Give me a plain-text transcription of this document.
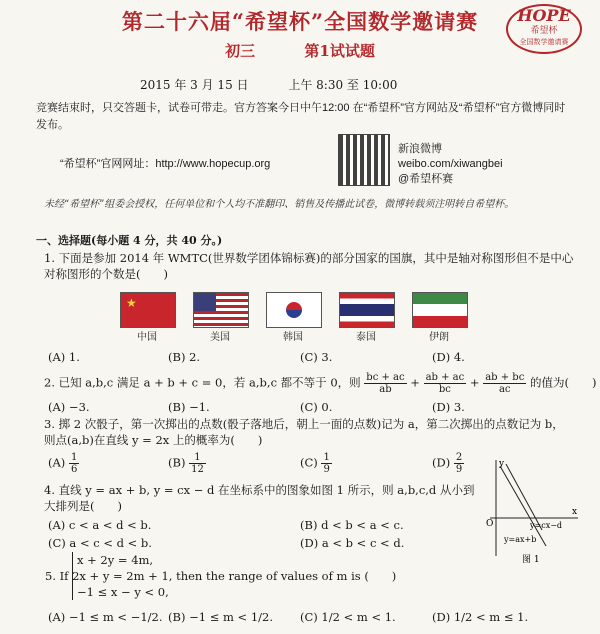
第二十六届“希望杯”全国数学邀请赛
初三	第1试试题
HOPE
希望杯
全国数学邀请赛
2015 年 3 月 15 日	上午 8:30 至 10:00
竞赛结束时，只交答题卡，试卷可带走。官方答案今日中午12:00 在“希望杯”官方网站及“希望杯”官方微博同时发布。
“希望杯”官网网址：http://www.hopecup.org
新浪微博
weibo.com/xiwangbei
@希望杯赛
未经“希望杯”组委会授权，任何单位和个人均不准翻印、销售及传播此试卷，微博转载须注明转自希望杯。
一、选择题(每小题 4 分，共 40 分。)
1. 下面是参加 2014 年 WMTC(世界数学团体锦标赛)的部分国家的国旗，其中是轴对称图形但不是中心对称图形的个数是(　　)
★
中国	美国	韩国	泰国	伊朗
(A) 1.	(B) 2.	(C) 3.	(D) 4.
2. 已知 a,b,c 满足 a + b + c = 0，若 a,b,c 都不等于 0，则 $\frac{bc + ac}{ab} + \frac{ab + ac}{bc} + \frac{ab + bc}{ac}$ 的值为(　　)
(A) −3.	(B) −1.	(C) 0.	(D) 3.
3. 掷 2 次骰子，第一次掷出的点数(骰子落地后，朝上一面的点数)记为 a，第二次掷出的点数记为 b，则点(a,b)在直线 y = 2x 上的概率为(　　)
$(A) \frac{1}{6}$	$(B) \frac{1}{12}$	$(C) \frac{1}{9}$	$(D) \frac{2}{9}$
4. 直线 y = ax + b, y = cx − d 在坐标系中的图象如图 1 所示，则 a,b,c,d 从小到大排列是(　　)
(A) c < a < d < b.	(B) d < b < a < c.
(C) a < c < d < b.	(D) a < b < c < d.
x
y
O	y=cx−d
y=ax+b
图 1
x + 2y = 4m,
5. If 2x + y = 2m + 1, then the range of values of m is (　　)
−1 ≤ x − y < 0,
(A) −1 ≤ m < −1/2. (B) −1 ≤ m < 1/2. (C) 1/2 < m < 1.	(D) 1/2 < m ≤ 1.
